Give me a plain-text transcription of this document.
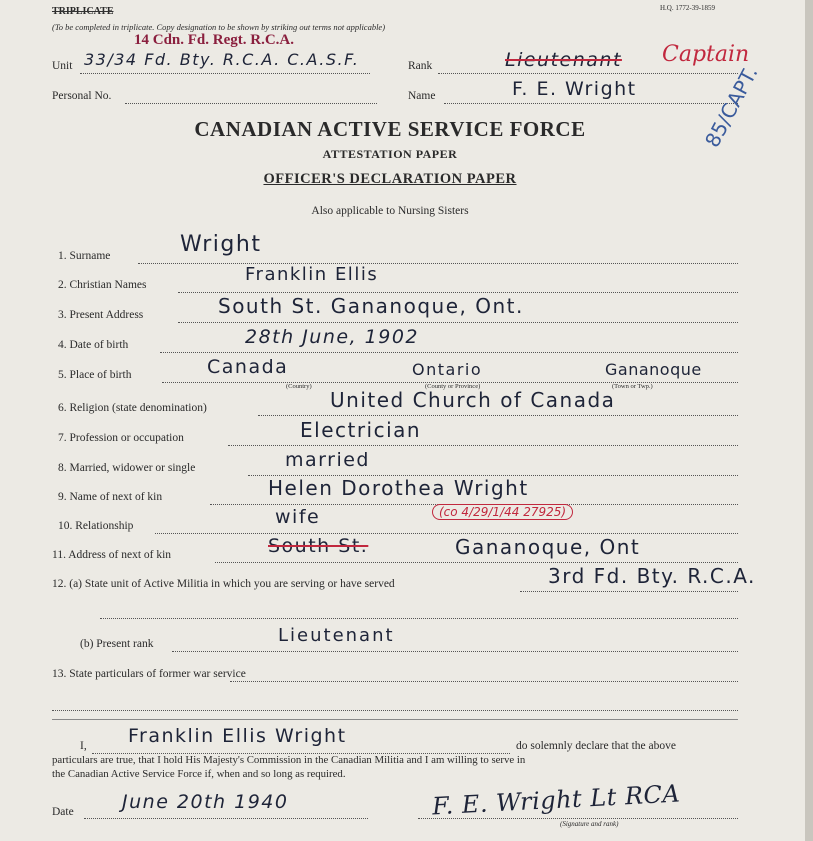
TRIPLICATE
(To be completed in triplicate. Copy designation to be shown by striking out terms not applicable)
H.Q. 1772-39-1859
14 Cdn. Fd. Regt. R.C.A.
Unit 33/34 Fd. Bty. R.C.A. C.A.S.F.	Rank	Lieutenant Captain
Personal No.	Name	F. E. Wright
CANADIAN ACTIVE SERVICE FORCE
ATTESTATION PAPER
OFFICER'S DECLARATION PAPER
Also applicable to Nursing Sisters
85/CAPT.
1. Surname	Wright
2. Christian Names	Franklin Ellis
3. Present Address	South St. Gananoque, Ont.
4. Date of birth	28th June, 1902
5. Place of birth	Canada	Ontario	Gananoque
(Country)	(County or Province)	(Town or Twp.)
6. Religion (state denomination)	United Church of Canada
7. Profession or occupation	Electrician
8. Married, widower or single	married
9. Name of next of kin	Helen Dorothea Wright
10. Relationship	wife	(co 4/29/1/44 27925)
11. Address of next of kin	South St.	Gananoque, Ont
12. (a) State unit of Active Militia in which you are serving or have served	3rd Fd. Bty. R.C.A.
(b) Present rank	Lieutenant
13. State particulars of former war service
I, Franklin Ellis Wright	do solemnly declare that the above
particulars are true, that I hold His Majesty's Commission in the Canadian Militia and I am willing to serve in
the Canadian Active Service Force if, when and so long as required.
Date	June 20th 1940	F. E. Wright Lt RCA
(Signature and rank)
